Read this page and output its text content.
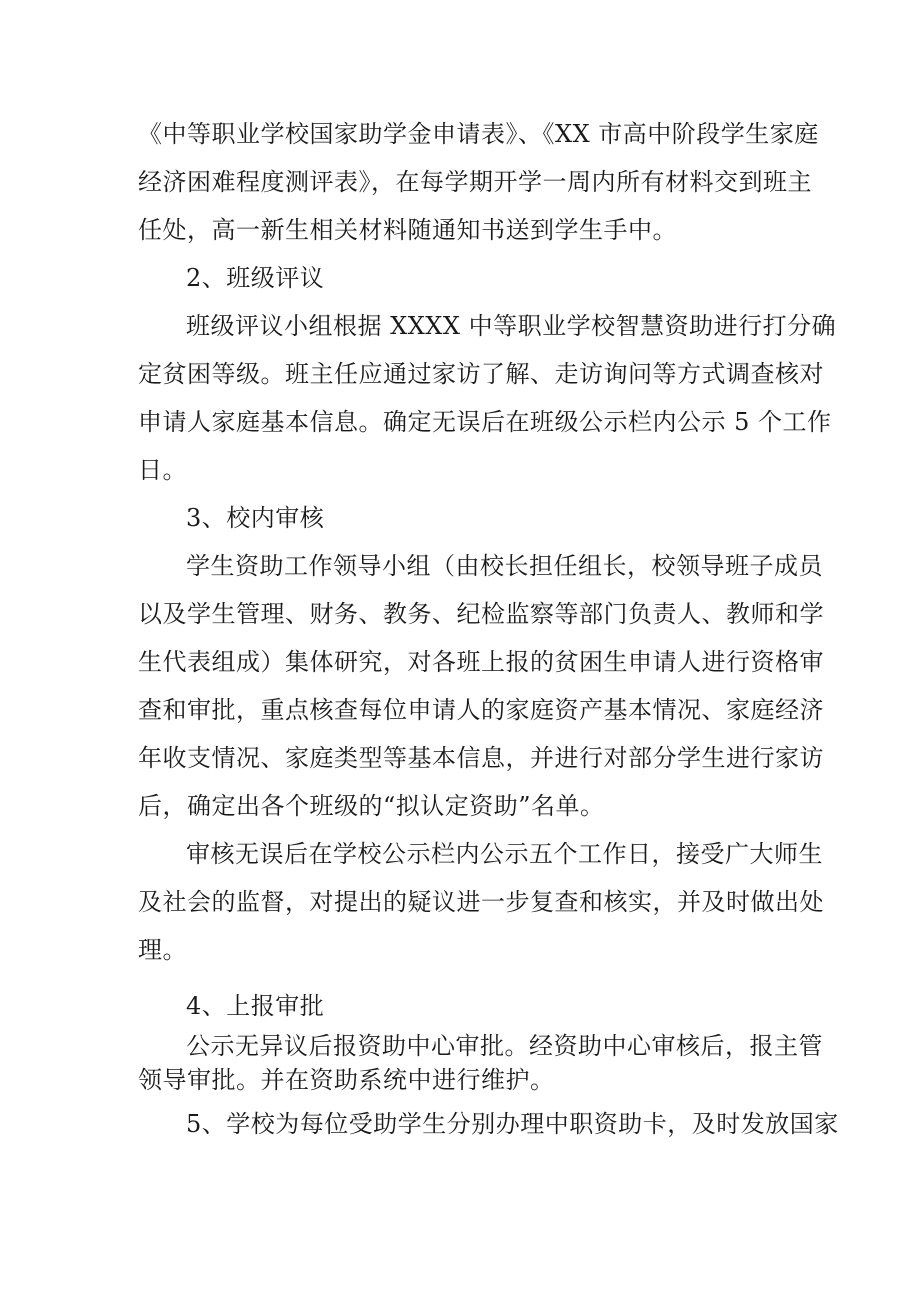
《中等职业学校国家助学金申请表》、《XX 市高中阶段学生家庭
经济困难程度测评表》，在每学期开学一周内所有材料交到班主
任处，高一新生相关材料随通知书送到学生手中。
2、班级评议
班级评议小组根据 XXXX 中等职业学校智慧资助进行打分确
定贫困等级。班主任应通过家访了解、走访询问等方式调查核对
申请人家庭基本信息。确定无误后在班级公示栏内公示 5 个工作
日。
3、校内审核
学生资助工作领导小组（由校长担任组长，校领导班子成员
以及学生管理、财务、教务、纪检监察等部门负责人、教师和学
生代表组成）集体研究，对各班上报的贫困生申请人进行资格审
查和审批，重点核查每位申请人的家庭资产基本情况、家庭经济
年收支情况、家庭类型等基本信息，并进行对部分学生进行家访
后，确定出各个班级的“拟认定资助”名单。
审核无误后在学校公示栏内公示五个工作日，接受广大师生
及社会的监督，对提出的疑议进一步复查和核实，并及时做出处
理。
4、上报审批
公示无异议后报资助中心审批。经资助中心审核后，报主管
领导审批。并在资助系统中进行维护。
5、学校为每位受助学生分别办理中职资助卡，及时发放国家
